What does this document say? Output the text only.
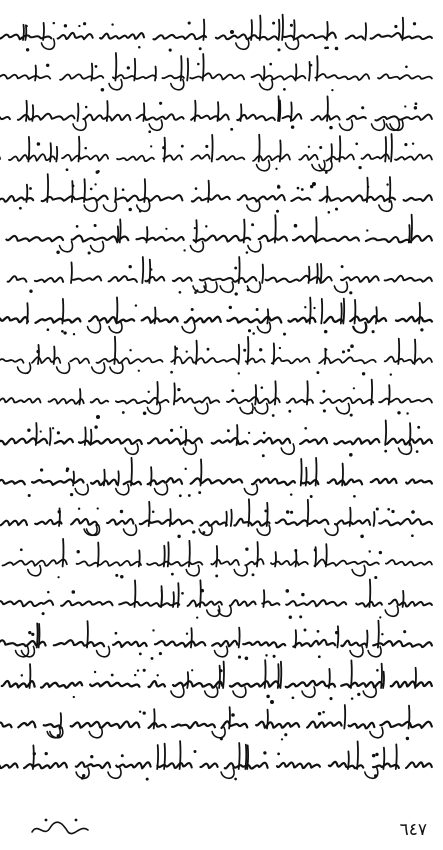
٦٤٧
